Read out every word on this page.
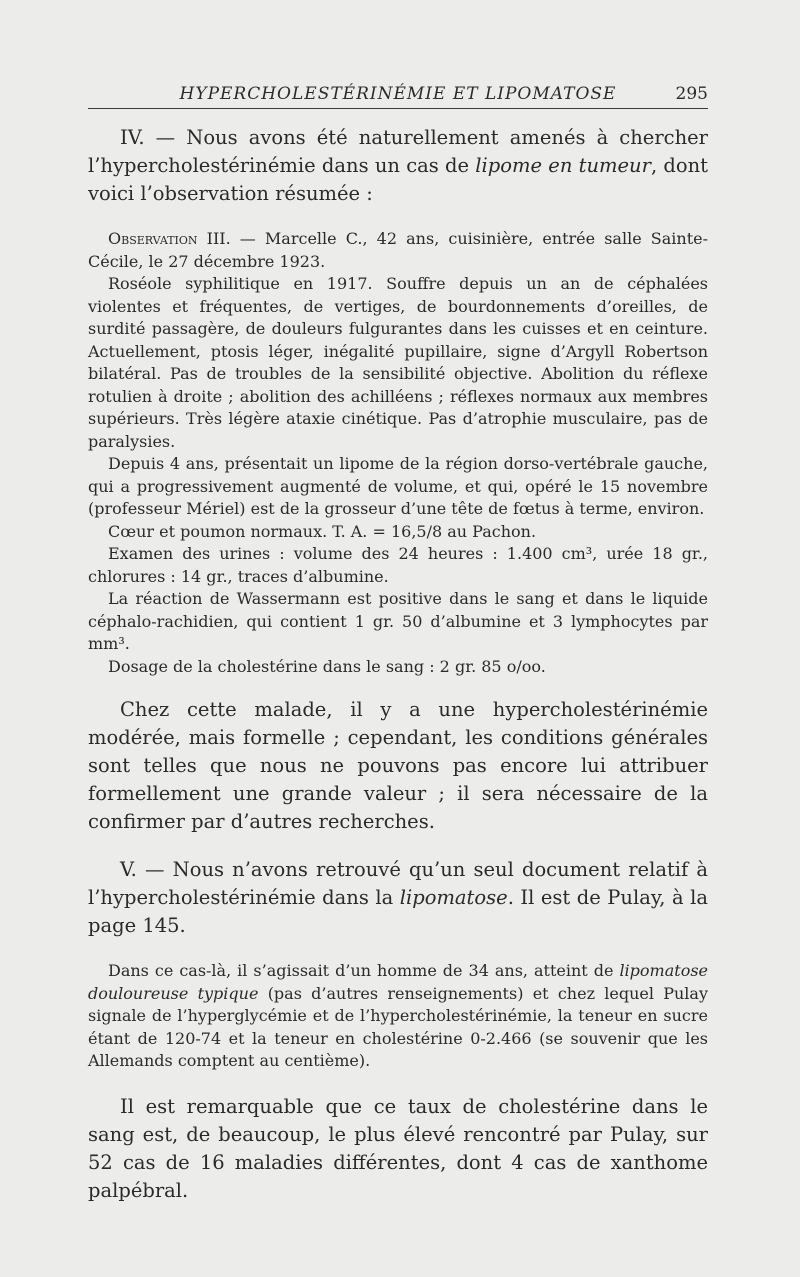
HYPERCHOLESTÉRINÉMIE ET LIPOMATOSE	295

IV. — Nous avons été naturellement amenés à chercher l’hypercholestérinémie dans un cas de lipome en tumeur, dont voici l’observation résumée :

Observation III. — Marcelle C., 42 ans, cuisinière, entrée salle Sainte-Cécile, le 27 décembre 1923.

Roséole syphilitique en 1917. Souffre depuis un an de céphalées violentes et fréquentes, de vertiges, de bourdonnements d’oreilles, de surdité passagère, de douleurs fulgurantes dans les cuisses et en ceinture. Actuellement, ptosis léger, inégalité pupillaire, signe d’Argyll Robertson bilatéral. Pas de troubles de la sensibilité objective. Abolition du réflexe rotulien à droite ; abolition des achilléens ; réflexes normaux aux membres supérieurs. Très légère ataxie cinétique. Pas d’atrophie musculaire, pas de paralysies.

Depuis 4 ans, présentait un lipome de la région dorso-vertébrale gauche, qui a progressivement augmenté de volume, et qui, opéré le 15 novembre (professeur Mériel) est de la grosseur d’une tête de fœtus à terme, environ.

Cœur et poumon normaux. T. A. = 16,5/8 au Pachon.

Examen des urines : volume des 24 heures : 1.400 cm³, urée 18 gr., chlorures : 14 gr., traces d’albumine.

La réaction de Wassermann est positive dans le sang et dans le liquide céphalo-rachidien, qui contient 1 gr. 50 d’albumine et 3 lymphocytes par mm³.

Dosage de la cholestérine dans le sang : 2 gr. 85 o/oo.

Chez cette malade, il y a une hypercholestérinémie modérée, mais formelle ; cependant, les conditions générales sont telles que nous ne pouvons pas encore lui attribuer formellement une grande valeur ; il sera nécessaire de la confirmer par d’autres recherches.

V. — Nous n’avons retrouvé qu’un seul document relatif à l’hypercholestérinémie dans la lipomatose. Il est de Pulay, à la page 145.

Dans ce cas-là, il s’agissait d’un homme de 34 ans, atteint de lipomatose douloureuse typique (pas d’autres renseignements) et chez lequel Pulay signale de l’hyperglycémie et de l’hypercholestérinémie, la teneur en sucre étant de 120-74 et la teneur en cholestérine 0-2.466 (se souvenir que les Allemands comptent au centième).

Il est remarquable que ce taux de cholestérine dans le sang est, de beaucoup, le plus élevé rencontré par Pulay, sur 52 cas de 16 maladies différentes, dont 4 cas de xanthome palpébral.
